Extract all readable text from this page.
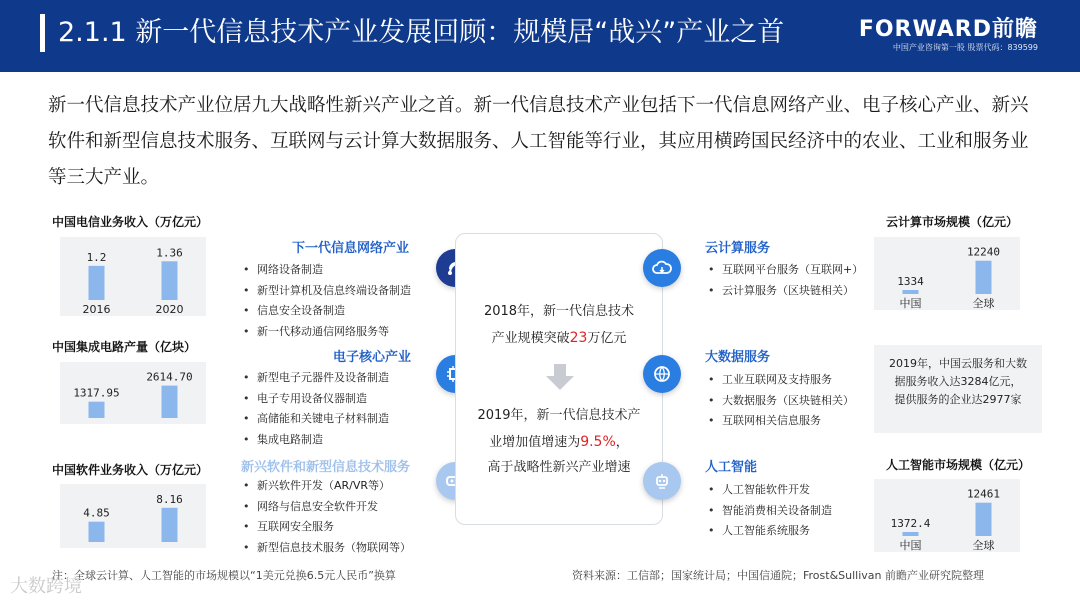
2.1.1 新一代信息技术产业发展回顾：规模居“战兴”产业之首	FORWARD前瞻
中国产业咨询第一股 股票代码：839599
新一代信息技术产业位居九大战略性新兴产业之首。新一代信息技术产业包括下一代信息网络产业、电子核心产业、新兴软件和新型信息技术服务、互联网与云计算大数据服务、人工智能等行业，其应用横跨国民经济中的农业、工业和服务业等三大产业。
中国电信业务收入（万亿元）
1.2
2016
1.36
2020
中国集成电路产量（亿块）
1317.95
2614.70
中国软件业务收入（万亿元）
4.85
8.16
云计算市场规模（亿元）
1334
中国
12240
全球
2019年，中国云服务和大数
据服务收入达3284亿元，
提供服务的企业达2977家
人工智能市场规模（亿元）
1372.4
中国
12461
全球
下一代信息网络产业
• 网络设备制造
• 新型计算机及信息终端设备制造
• 信息安全设备制造
• 新一代移动通信网络服务等
电子核心产业
• 新型电子元器件及设备制造
• 电子专用设备仪器制造
• 高储能和关键电子材料制造
• 集成电路制造
新兴软件和新型信息技术服务
• 新兴软件开发（AR/VR等）
• 网络与信息安全软件开发
• 互联网安全服务
• 新型信息技术服务（物联网等）

2018年，新一代信息技术

产业规模突破23万亿元

2019年，新一代信息技术产

业增加值增速为9.5%，

高于战略性新兴产业增速

云计算服务
• 互联网平台服务（互联网+）
• 云计算服务（区块链相关）
大数据服务
• 工业互联网及支持服务
• 大数据服务（区块链相关）
• 互联网相关信息服务
人工智能
• 人工智能软件开发
• 智能消费相关设备制造
• 人工智能系统服务
注：全球云计算、人工智能的市场规模以“1美元兑换6.5元人民币”换算	资料来源：工信部；国家统计局；中国信通院；Frost&Sullivan 前瞻产业研究院整理
大数跨境
